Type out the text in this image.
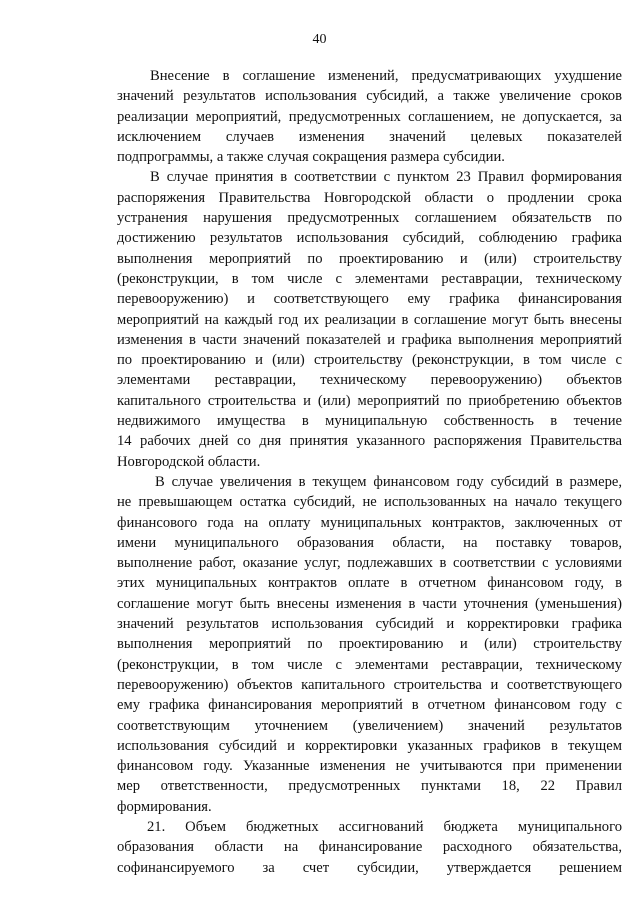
40

Внесение в соглашение изменений, предусматривающих ухудшение
значений результатов использования субсидий, а также увеличение сроков
реализации мероприятий, предусмотренных соглашением, не допускается, за
исключением случаев изменения значений целевых показателей
подпрограммы, а также случая сокращения размера субсидии.

В случае принятия в соответствии с пунктом 23 Правил формирования
распоряжения Правительства Новгородской области о продлении срока
устранения нарушения предусмотренных соглашением обязательств по
достижению результатов использования субсидий, соблюдению графика
выполнения мероприятий по проектированию и (или) строительству
(реконструкции, в том числе с элементами реставрации, техническому
перевооружению) и соответствующего ему графика финансирования
мероприятий на каждый год их реализации в соглашение могут быть внесены
изменения в части значений показателей и графика выполнения мероприятий
по проектированию и (или) строительству (реконструкции, в том числе с
элементами реставрации, техническому перевооружению) объектов
капитального строительства и (или) мероприятий по приобретению объектов
недвижимого имущества в муниципальную собственность в течение
14 рабочих дней со дня принятия указанного распоряжения Правительства
Новгородской области.

В случае увеличения в текущем финансовом году субсидий в размере,
не превышающем остатка субсидий, не использованных на начало текущего
финансового года на оплату муниципальных контрактов, заключенных от
имени муниципального образования области, на поставку товаров,
выполнение работ, оказание услуг, подлежавших в соответствии с условиями
этих муниципальных контрактов оплате в отчетном финансовом году, в
соглашение могут быть внесены изменения в части уточнения (уменьшения)
значений результатов использования субсидий и корректировки графика
выполнения мероприятий по проектированию и (или) строительству
(реконструкции, в том числе с элементами реставрации, техническому
перевооружению) объектов капитального строительства и соответствующего
ему графика финансирования мероприятий в отчетном финансовом году с
соответствующим уточнением (увеличением) значений результатов
использования субсидий и корректировки указанных графиков в текущем
финансовом году. Указанные изменения не учитываются при применении
мер ответственности, предусмотренных пунктами 18, 22 Правил
формирования.

21. Объем бюджетных ассигнований бюджета муниципального
образования области на финансирование расходного обязательства,
софинансируемого за счет субсидии, утверждается решением
